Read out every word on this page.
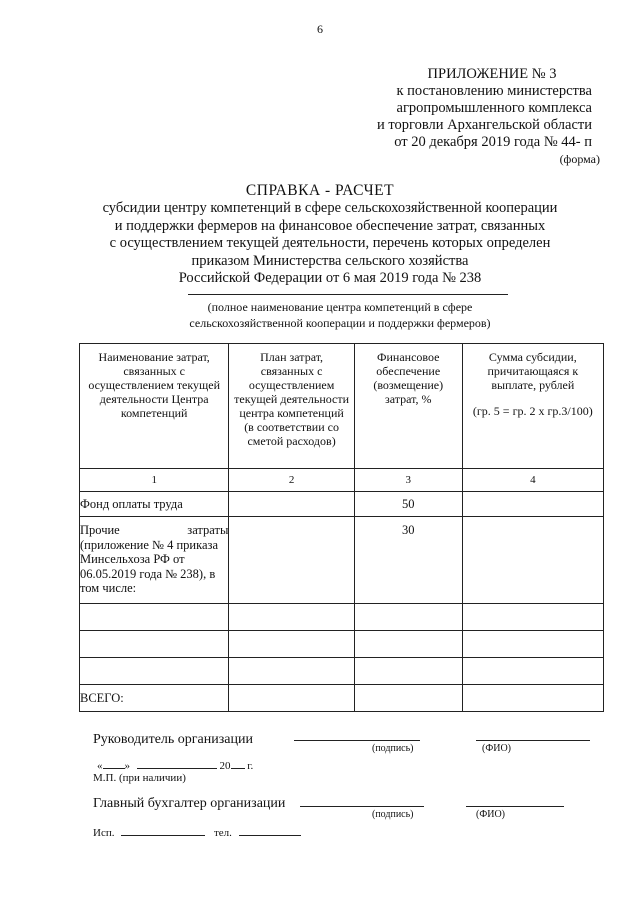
6
ПРИЛОЖЕНИЕ № 3
к постановлению министерства
агропромышленного комплекса
и торговли Архангельской области
от 20 декабря 2019 года № 44- п
(форма)
СПРАВКА - РАСЧЕТ
субсидии центру компетенций в сфере сельскохозяйственной кооперации
и поддержки фермеров на финансовое обеспечение затрат, связанных
с осуществлением текущей деятельности, перечень которых определен
приказом Министерства сельского хозяйства
Российской Федерации от 6 мая 2019 года № 238
(полное наименование центра компетенций в сфере
сельскохозяйственной кооперации и поддержки фермеров)
Наименование затрат, связанных с осуществлением текущей деятельности Центра компетенций	План затрат, связанных с осуществлением текущей деятельности центра компетенций (в соответствии со сметой расходов)	Финансовое обеспечение (возмещение) затрат, %	Сумма субсидии, причитающаяся к выплате, рублей
(гр. 5 = гр. 2 х гр.3/100)

1	2	3	4
Фонд оплаты труда		50	

Прочие затраты
(приложение № 4 приказа Минсельхоза РФ от 06.05.2019 года № 238), в том числе:		30	

ВСЕГО:			
Руководитель организации
(подпись)	(ФИО)
« »	20 г.
М.П. (при наличии)
Главный бухгалтер организации
(подпись)	(ФИО)
Исп.	тел.
